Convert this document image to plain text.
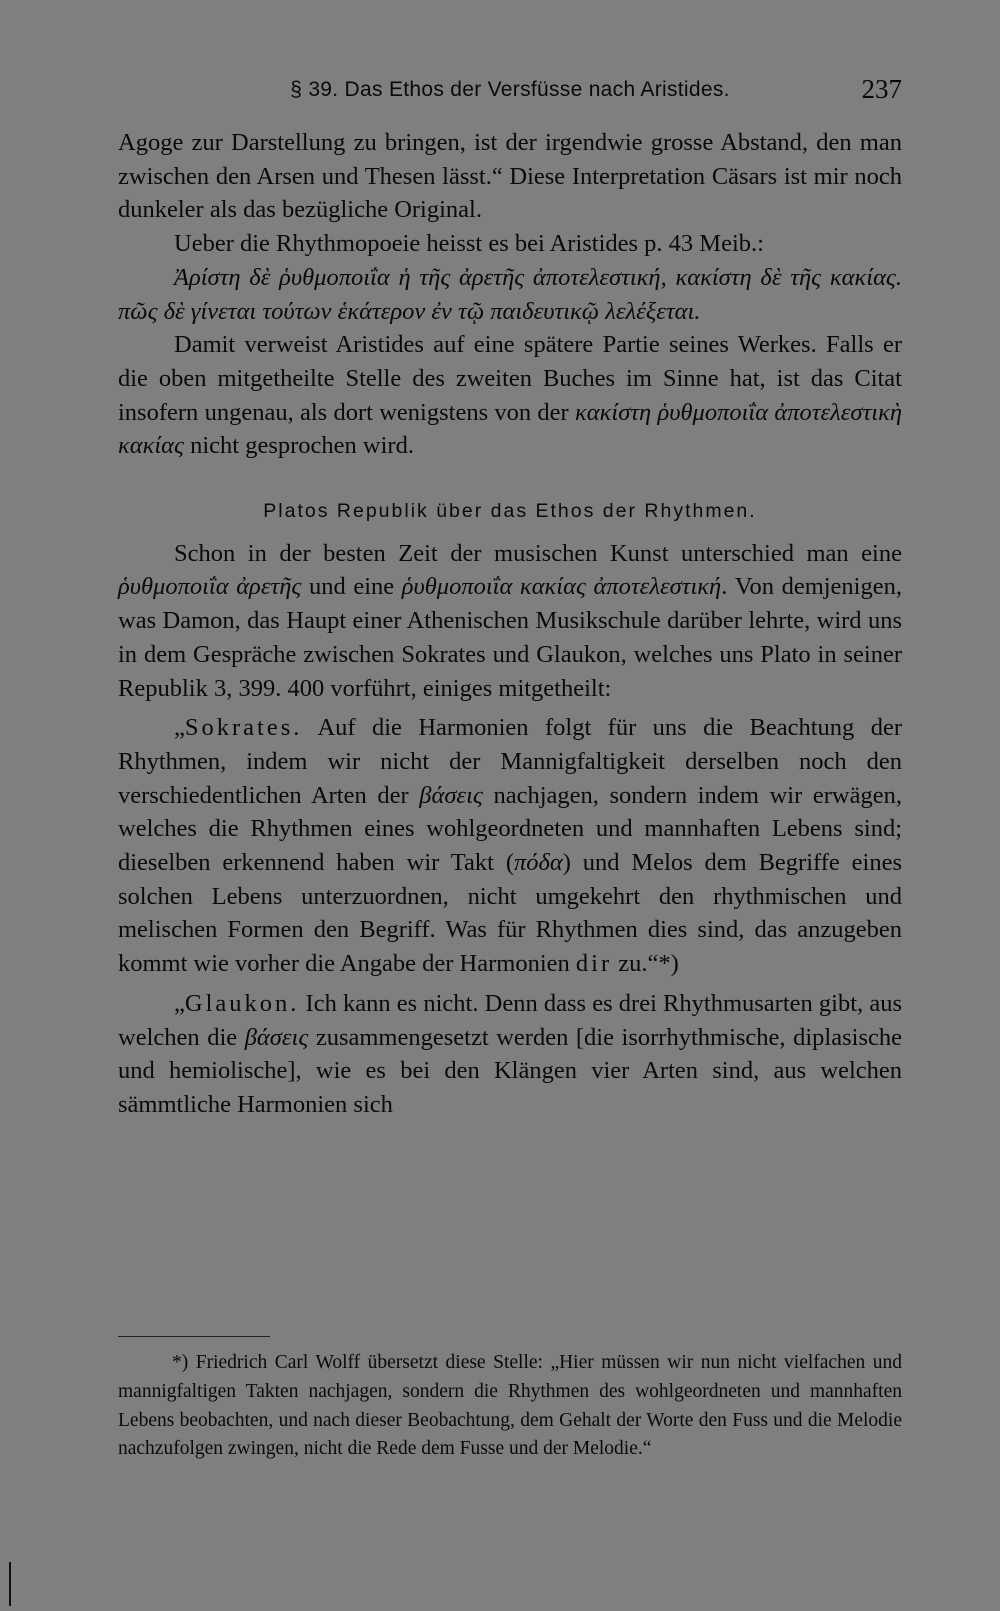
§ 39. Das Ethos der Versfüsse nach Aristides.	237

Agoge zur Darstellung zu bringen, ist der irgendwie grosse Abstand, den man zwischen den Arsen und Thesen lässt.“ Diese Interpretation Cäsars ist mir noch dunkeler als das bezügliche Original.

Ueber die Rhythmopoeie heisst es bei Aristides p. 43 Meib.:

Ἀρίστη δὲ ῥυθμοποιΐα ἡ τῆς ἀρετῆς ἀποτελεστική, κακίστη δὲ τῆς κακίας. πῶς δὲ γίνεται τούτων ἑκάτερον ἐν τῷ παιδευτικῷ λελέξεται.

Damit verweist Aristides auf eine spätere Partie seines Werkes. Falls er die oben mitgetheilte Stelle des zweiten Buches im Sinne hat, ist das Citat insofern ungenau, als dort wenigstens von der κακίστη ῥυθμοποιΐα ἀποτελεστικὴ κακίας nicht gesprochen wird.

Platos Republik über das Ethos der Rhythmen.

Schon in der besten Zeit der musischen Kunst unterschied man eine ῥυθμοποιΐα ἀρετῆς und eine ῥυθμοποιΐα κακίας ἀποτελεστική. Von demjenigen, was Damon, das Haupt einer Athenischen Musikschule darüber lehrte, wird uns in dem Gespräche zwischen Sokrates und Glaukon, welches uns Plato in seiner Republik 3, 399. 400 vorführt, einiges mitgetheilt:

„Sokrates. Auf die Harmonien folgt für uns die Beachtung der Rhythmen, indem wir nicht der Mannigfaltigkeit derselben noch den verschiedentlichen Arten der βάσεις nachjagen, sondern indem wir erwägen, welches die Rhythmen eines wohlgeordneten und mannhaften Lebens sind; dieselben erkennend haben wir Takt (πόδα) und Melos dem Begriffe eines solchen Lebens unterzuordnen, nicht umgekehrt den rhythmischen und melischen Formen den Begriff. Was für Rhythmen dies sind, das anzugeben kommt wie vorher die Angabe der Harmonien dir zu.“*)

„Glaukon. Ich kann es nicht. Denn dass es drei Rhythmusarten gibt, aus welchen die βάσεις zusammengesetzt werden [die isorrhythmische, diplasische und hemiolische], wie es bei den Klängen vier Arten sind, aus welchen sämmtliche Harmonien sich

*) Friedrich Carl Wolff übersetzt diese Stelle: „Hier müssen wir nun nicht vielfachen und mannigfaltigen Takten nachjagen, sondern die Rhythmen des wohlgeordneten und mannhaften Lebens beobachten, und nach dieser Beobachtung, dem Gehalt der Worte den Fuss und die Melodie nachzufolgen zwingen, nicht die Rede dem Fusse und der Melodie.“
